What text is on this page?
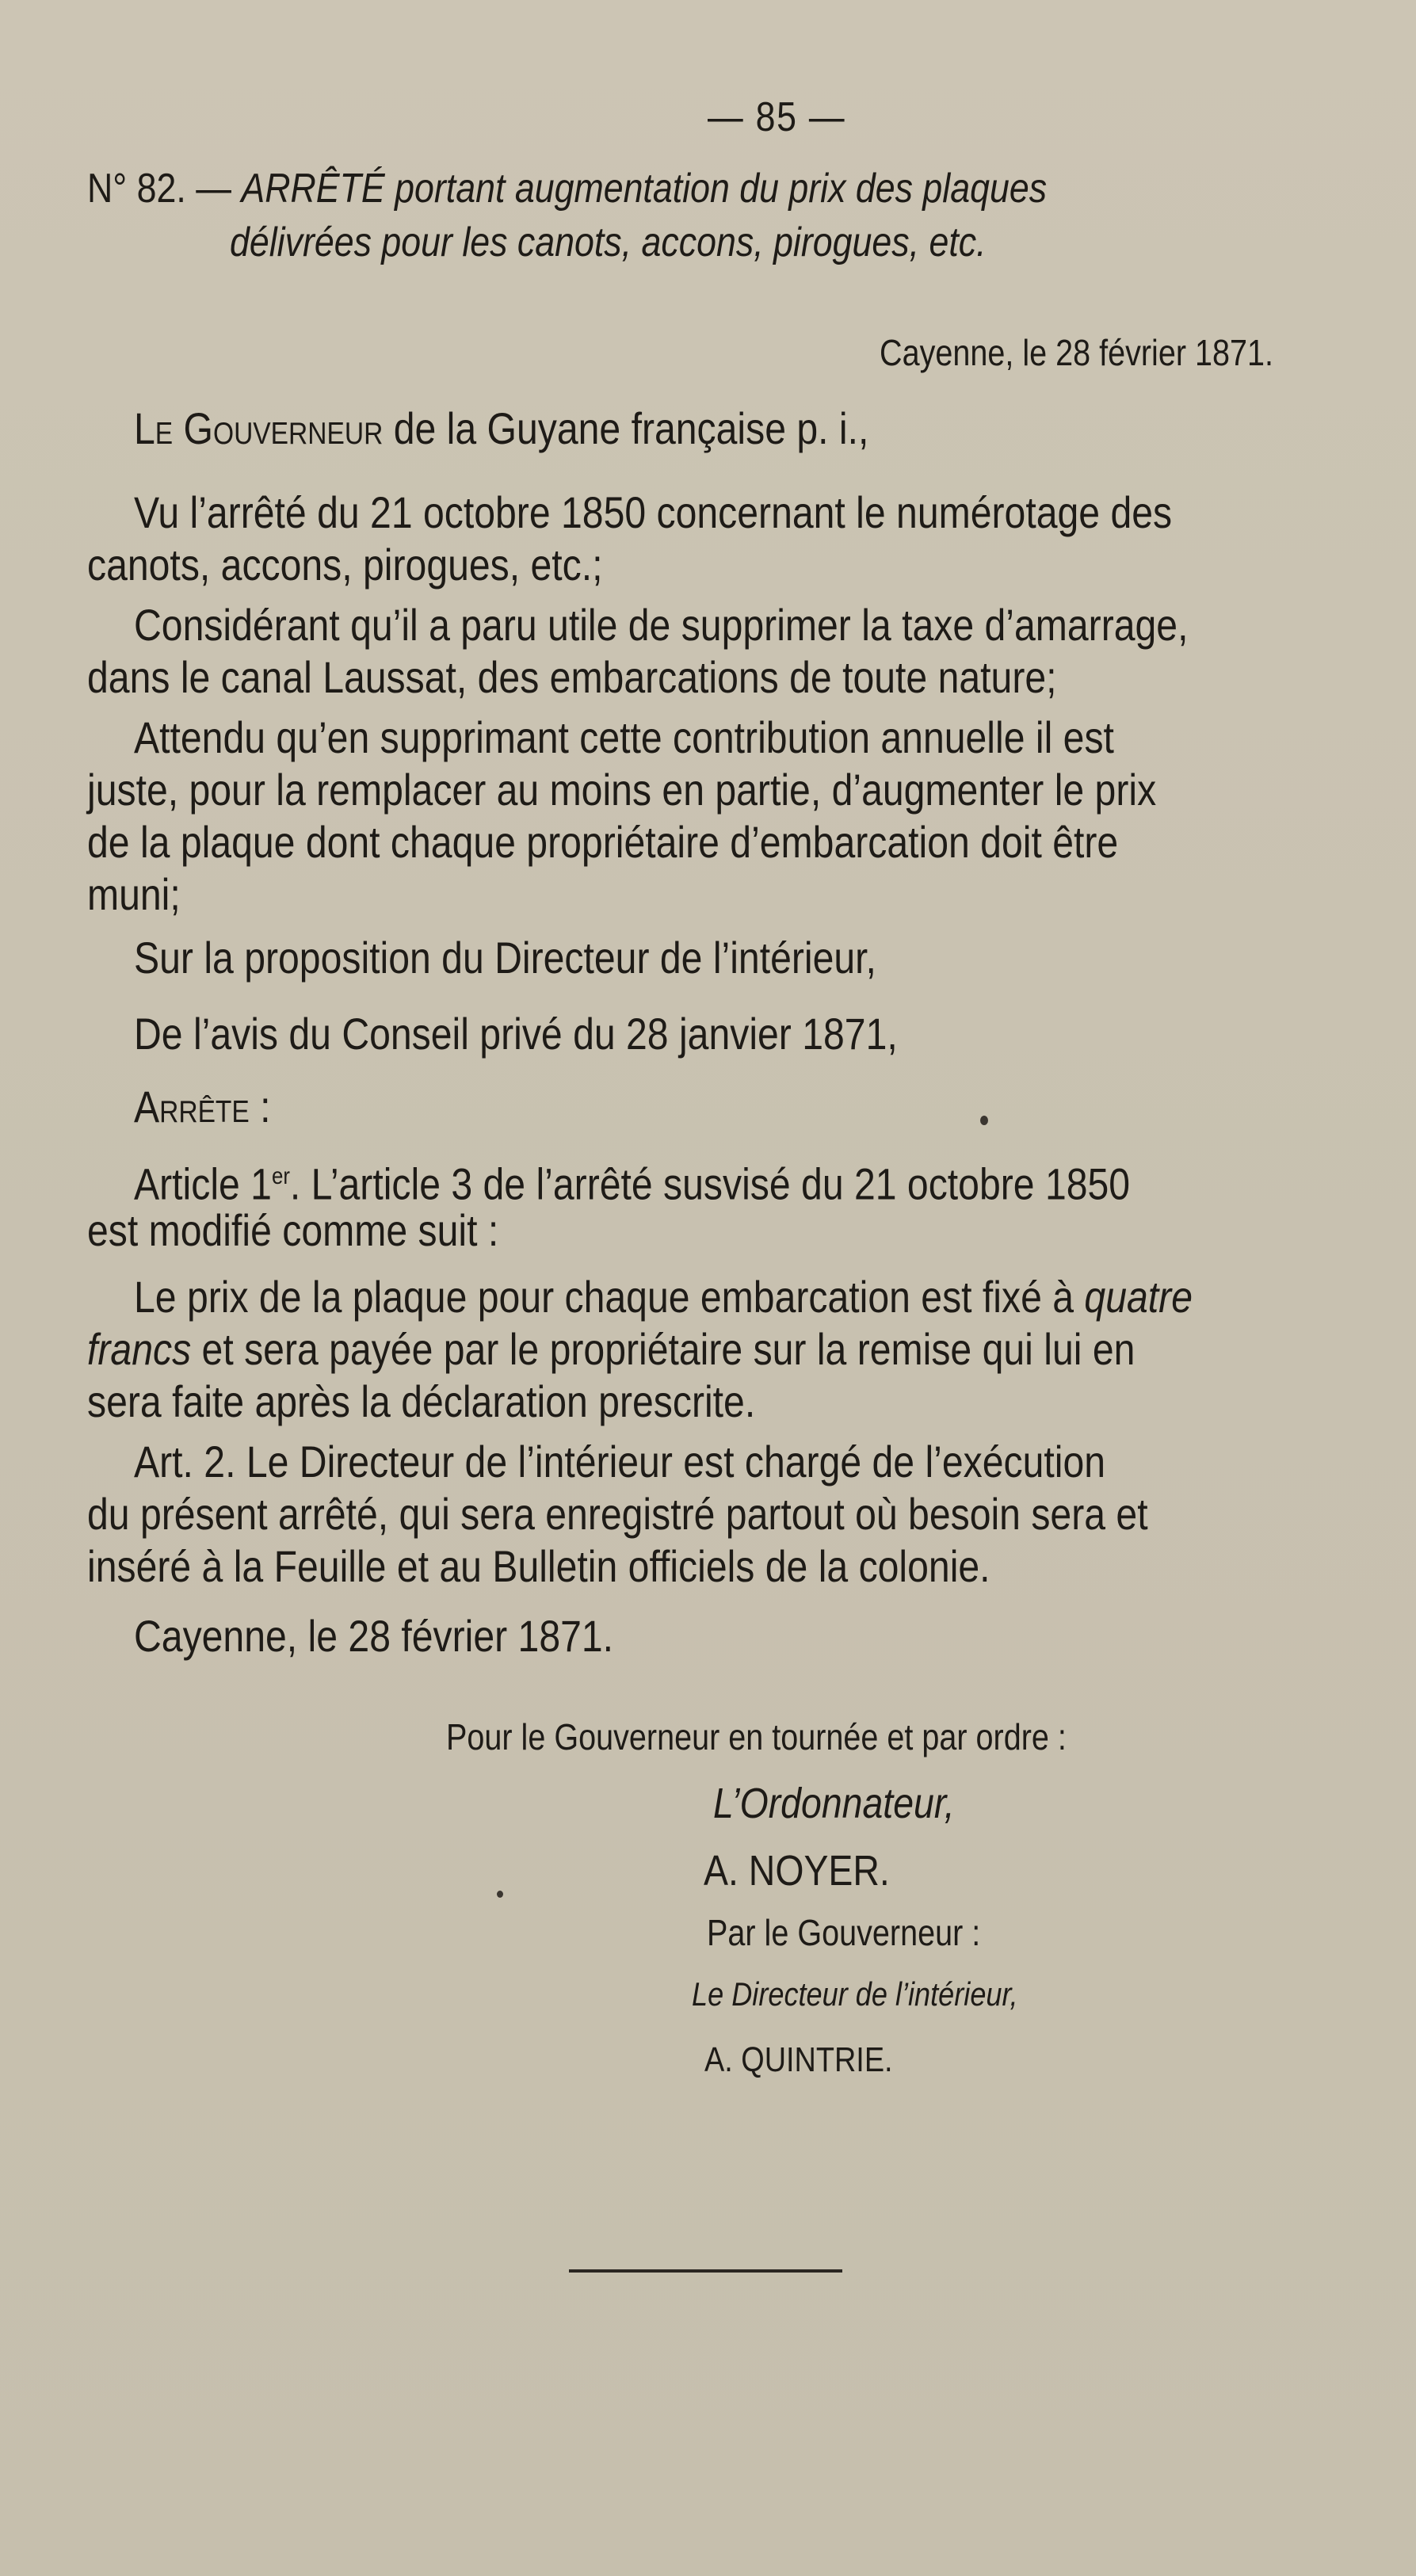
— 85 —
N° 82. — ARRÊTÉ portant augmentation du prix des plaques
délivrées pour les canots, accons, pirogues, etc.
Cayenne, le 28 février 1871.
Le Gouverneur de la Guyane française p. i.,
Vu l’arrêté du 21 octobre 1850 concernant le numérotage des
canots, accons, pirogues, etc.;
Considérant qu’il a paru utile de supprimer la taxe d’amarrage,
dans le canal Laussat, des embarcations de toute nature;
Attendu qu’en supprimant cette contribution annuelle il est
juste, pour la remplacer au moins en partie, d’augmenter le prix
de la plaque dont chaque propriétaire d’embarcation doit être
muni;
Sur la proposition du Directeur de l’intérieur,
De l’avis du Conseil privé du 28 janvier 1871,
Arrête :
Article 1er. L’article 3 de l’arrêté susvisé du 21 octobre 1850
est modifié comme suit :
Le prix de la plaque pour chaque embarcation est fixé à quatre
francs et sera payée par le propriétaire sur la remise qui lui en
sera faite après la déclaration prescrite.
Art. 2. Le Directeur de l’intérieur est chargé de l’exécution
du présent arrêté, qui sera enregistré partout où besoin sera et
inséré à la Feuille et au Bulletin officiels de la colonie.
Cayenne, le 28 février 1871.
Pour le Gouverneur en tournée et par ordre :
L’Ordonnateur,
A. NOYER.
Par le Gouverneur :
Le Directeur de l’intérieur,
A. QUINTRIE.
